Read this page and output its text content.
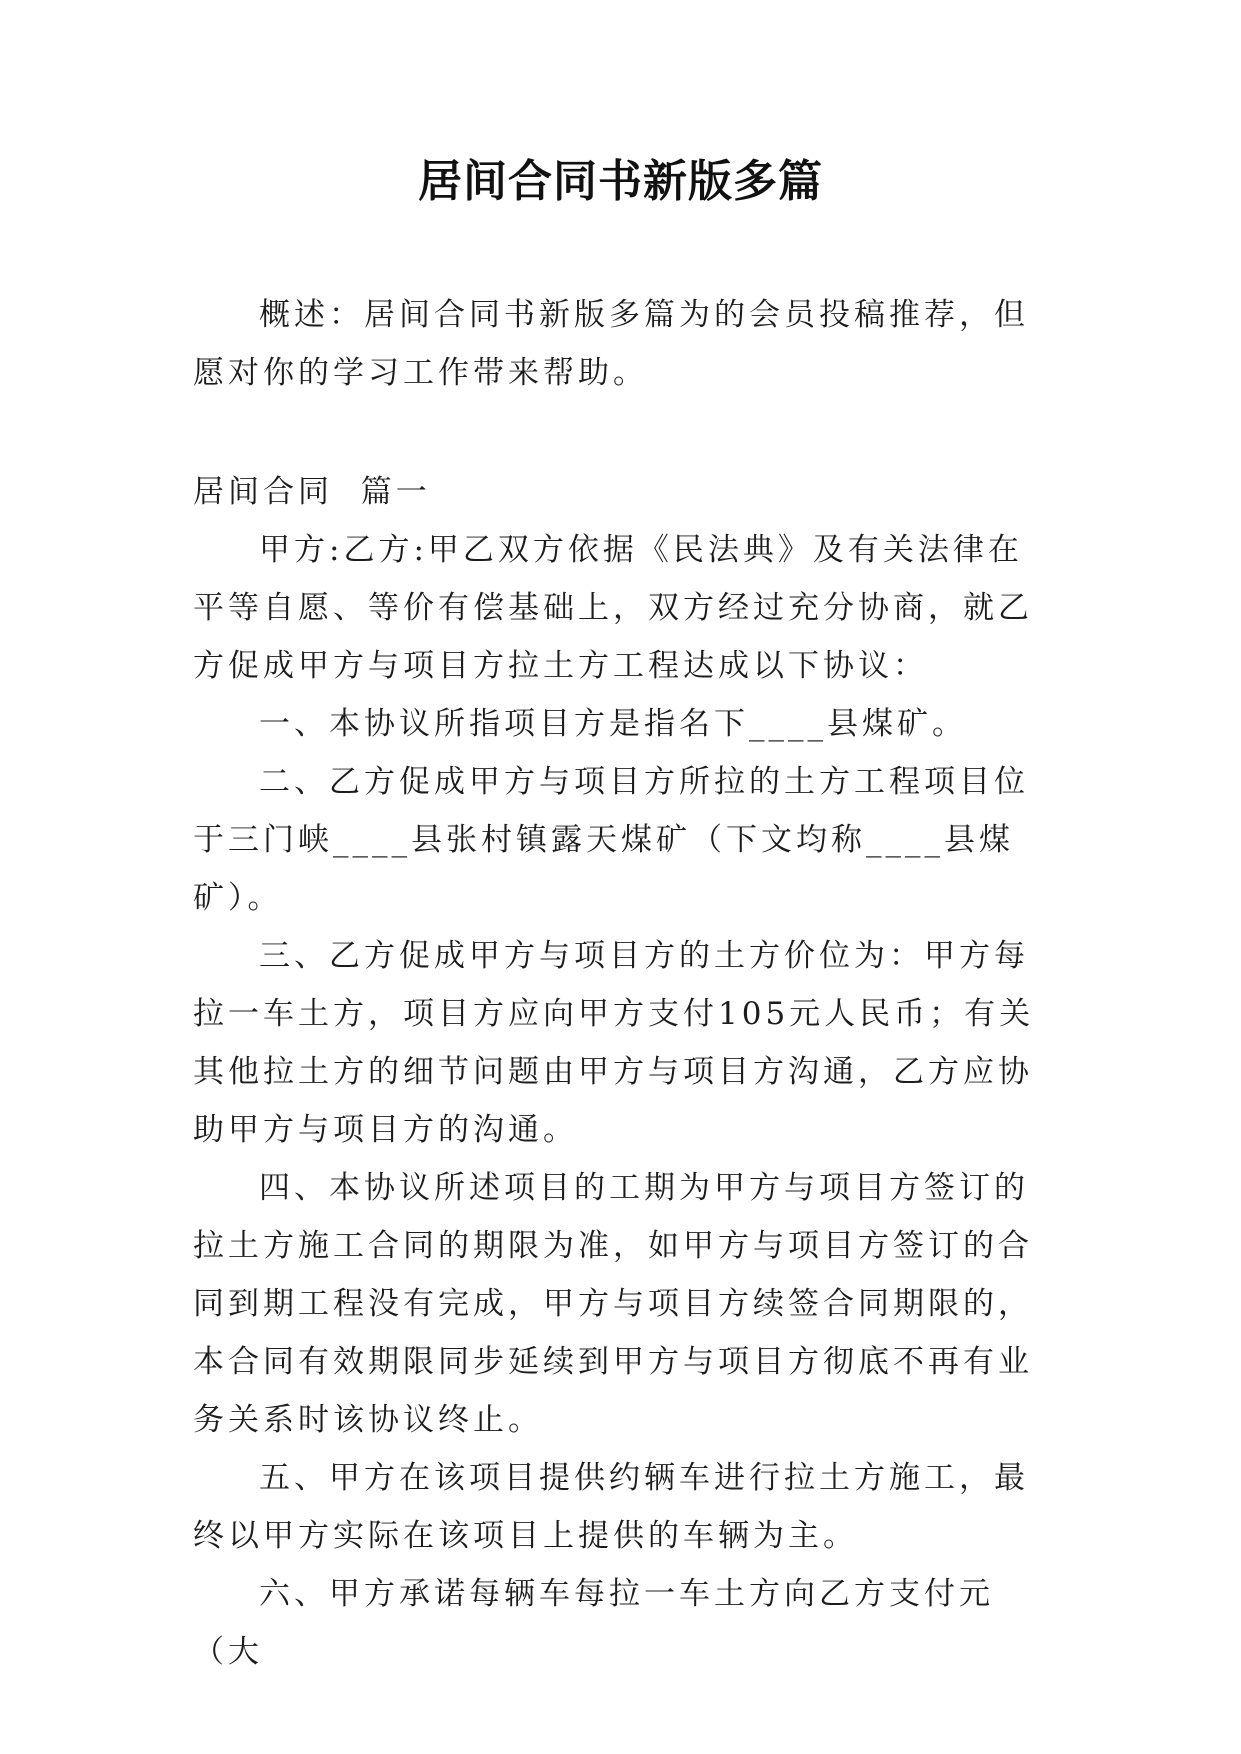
居间合同书新版多篇

概述：居间合同书新版多篇为的会员投稿推荐，但愿对你的学习工作带来帮助。

居间合同  篇一

甲方:乙方:甲乙双方依据《民法典》及有关法律在平等自愿、等价有偿基础上，双方经过充分协商，就乙方促成甲方与项目方拉土方工程达成以下协议：

一、本协议所指项目方是指名下____县煤矿。

二、乙方促成甲方与项目方所拉的土方工程项目位于三门峡____县张村镇露天煤矿（下文均称____县煤矿）。

三、乙方促成甲方与项目方的土方价位为：甲方每拉一车土方，项目方应向甲方支付105元人民币；有关其他拉土方的细节问题由甲方与项目方沟通，乙方应协助甲方与项目方的沟通。

四、本协议所述项目的工期为甲方与项目方签订的拉土方施工合同的期限为准，如甲方与项目方签订的合同到期工程没有完成，甲方与项目方续签合同期限的，本合同有效期限同步延续到甲方与项目方彻底不再有业务关系时该协议终止。

五、甲方在该项目提供约辆车进行拉土方施工，最终以甲方实际在该项目上提供的车辆为主。

六、甲方承诺每辆车每拉一车土方向乙方支付元（大
